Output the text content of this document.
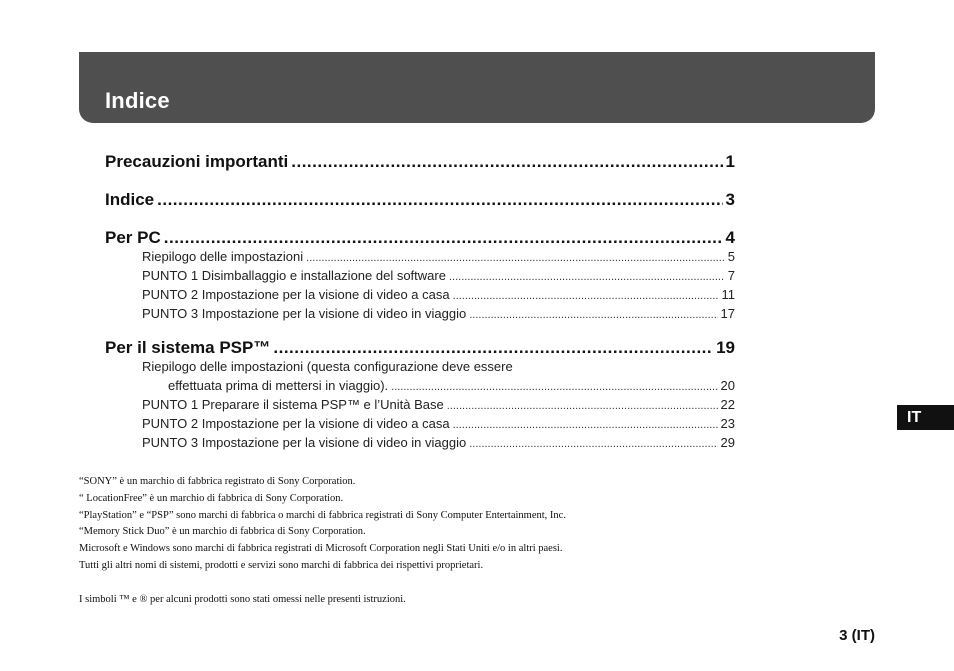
Indice
Precauzioni importanti .....	1
Indice .....	3
Per PC .....	4
Riepilogo delle impostazioni .....	5
PUNTO 1 Disimballaggio e installazione del software .....	7
PUNTO 2 Impostazione per la visione di video a casa .....	11
PUNTO 3 Impostazione per la visione di video in viaggio .....	17
Per il sistema PSP™ .....	19
Riepilogo delle impostazioni (questa configurazione deve essere
effettuata prima di mettersi in viaggio). .....	20
PUNTO 1 Preparare il sistema PSP™ e l’Unità Base .....	22
PUNTO 2 Impostazione per la visione di video a casa .....	23
PUNTO 3 Impostazione per la visione di video in viaggio .....	29
IT

“SONY” è un marchio di fabbrica registrato di Sony Corporation.

“ LocationFree” è un marchio di fabbrica di Sony Corporation.

“PlayStation” e “PSP” sono marchi di fabbrica o marchi di fabbrica registrati di Sony Computer Entertainment, Inc.

“Memory Stick Duo” è un marchio di fabbrica di Sony Corporation.

Microsoft e Windows sono marchi di fabbrica registrati di Microsoft Corporation negli Stati Uniti e/o in altri paesi.

Tutti gli altri nomi di sistemi, prodotti e servizi sono marchi di fabbrica dei rispettivi proprietari.

I simboli ™ e ® per alcuni prodotti sono stati omessi nelle presenti istruzioni.

3 (IT)
